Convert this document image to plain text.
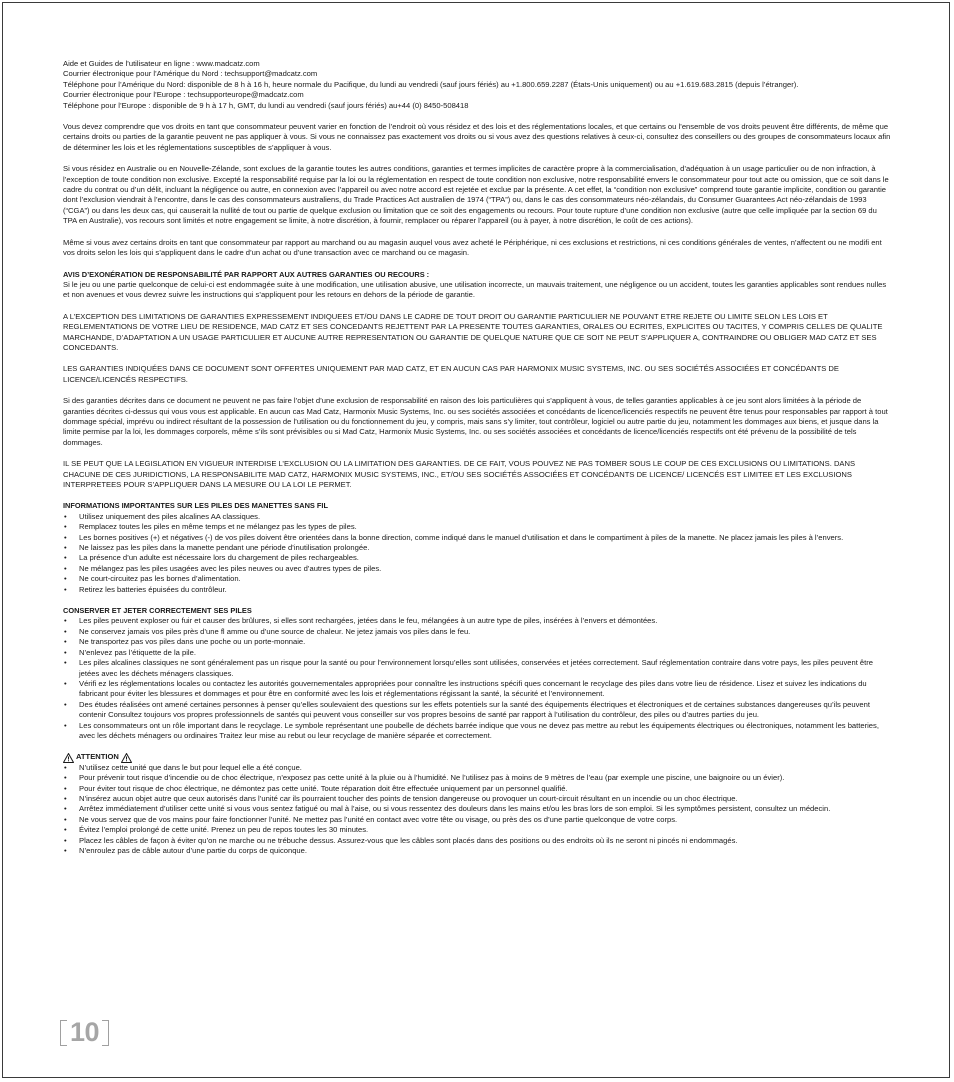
Aide et Guides de l’utilisateur en ligne : www.madcatz.com
Courrier électronique pour l’Amérique du Nord : techsupport@madcatz.com
Téléphone pour l’Amérique du Nord: disponible de 8 h à 16 h, heure normale du Pacifique, du lundi au vendredi (sauf jours fériés) au +1.800.659.2287 (États-Unis uniquement) ou au +1.619.683.2815 (depuis l’étranger).
Courrier électronique pour l’Europe : techsupportеurope@madcatz.com
Téléphone pour l’Europe : disponible de 9 h à 17 h, GMT, du lundi au vendredi (sauf jours fériés) au+44 (0) 8450-508418

Vous devez comprendre que vos droits en tant que consommateur peuvent varier en fonction de l’endroit où vous résidez et des lois et des réglementations locales, et que certains ou l’ensemble de vos droits peuvent être différents, de même que certains droits ou parties de la garantie peuvent ne pas appliquer à vous. Si vous ne connaissez pas exactement vos droits ou si vous avez des questions relatives à ceux-ci, consultez des conseillers ou des groupes de consommateurs locaux afin de déterminer les lois et les réglementations susceptibles de s’appliquer à vous.

Si vous résidez en Australie ou en Nouvelle-Zélande, sont exclues de la garantie toutes les autres conditions, garanties et termes implicites de caractère propre à la commercialisation, d’adéquation à un usage particulier ou de non infraction, à l’exception de toute condition non exclusive. Excepté la responsabilité requise par la loi ou la réglementation en respect de toute condition non exclusive, notre responsabilité envers le consommateur pour tout acte ou omission, que ce soit dans le cadre du contrat ou d’un délit, incluant la négligence ou autre, en connexion avec l’appareil ou avec notre accord est rejetée et exclue par la présente. A cet effet, la “condition non exclusive” comprend toute garantie implicite, condition ou garantie dont l’exclusion viendrait à l’encontre, dans le cas des consommateurs australiens, du Trade Practices Act australien de 1974 (“TPA”) ou, dans le cas des consommateurs néo-zélandais, du Consumer Guarantees Act néo-zélandais de 1993 (“CGA”) ou dans les deux cas, qui causerait la nullité de tout ou partie de quelque exclusion ou limitation que ce soit des engagements ou recours. Pour toute rupture d’une condition non exclusive (autre que celle impliquée par la section 69 du TPA en Australie), vos recours sont limités et notre engagement se limite, à notre discrétion, à fournir, remplacer ou réparer l’appareil (ou à payer, à notre discrétion, le coût de ces actions).

Même si vous avez certains droits en tant que consommateur par rapport au marchand ou au magasin auquel vous avez acheté le Périphérique, ni ces exclusions et restrictions, ni ces conditions générales de ventes, n’affectent ou ne modifi ent vos droits selon les lois qui s’appliquent dans le cadre d’un achat ou d’une transaction avec ce marchand ou ce magasin.

AVIS D’EXONÉRATION DE RESPONSABILITÉ PAR RAPPORT AUX AUTRES GARANTIES OU RECOURS :

Si le jeu ou une partie quelconque de celui-ci est endommagée suite à une modification, une utilisation abusive, une utilisation incorrecte, un mauvais traitement, une négligence ou un accident, toutes les garanties applicables sont rendues nulles et non avenues et vous devrez suivre les instructions qui s’appliquent pour les retours en dehors de la période de garantie.

A L’EXCEPTION DES LIMITATIONS DE GARANTIES EXPRESSEMENT INDIQUEES ET/OU DANS LE CADRE DE TOUT DROIT OU GARANTIE PARTICULIER NE POUVANT ETRE REJETE OU LIMITE SELON LES LOIS ET REGLEMENTATIONS DE VOTRE LIEU DE RESIDENCE, MAD CATZ ET SES CONCEDANTS REJETTENT PAR LA PRESENTE TOUTES GARANTIES, ORALES OU ECRITES, EXPLICITES OU TACITES, Y COMPRIS CELLES DE QUALITE MARCHANDE, D’ADAPTATION A UN USAGE PARTICULIER ET AUCUNE AUTRE REPRESENTATION OU GARANTIE DE QUELQUE NATURE QUE CE SOIT NE PEUT S’APPLIQUER A, CONTRAINDRE OU OBLIGER MAD CATZ ET SES CONCEDANTS.

LES GARANTIES INDIQUÉES DANS CE DOCUMENT SONT OFFERTES UNIQUEMENT PAR MAD CATZ, ET EN AUCUN CAS PAR HARMONIX MUSIC SYSTEMS, INC. OU SES SOCIÉTÉS ASSOCIÉES ET CONCÉDANTS DE LICENCE/LICENCÉS RESPECTIFS.

Si des garanties décrites dans ce document ne peuvent ne pas faire l’objet d’une exclusion de responsabilité en raison des lois particulières qui s’appliquent à vous, de telles garanties applicables à ce jeu sont alors limitées à la période de garanties décrites ci-dessus qui vous vous est applicable. En aucun cas Mad Catz, Harmonix Music Systems, Inc. ou ses sociétés associées et concédants de licence/licenciés respectifs ne peuvent être tenus pour responsables par rapport à tout dommage spécial, imprévu ou indirect résultant de la possession de l’utilisation ou du fonctionnement du jeu, y compris, mais sans s’y limiter, tout contrôleur, logiciel ou autre partie du jeu, notamment les dommages aux biens, et jusque dans la limite permise par la loi, les dommages corporels, même s’ils sont prévisibles ou si Mad Catz, Harmonix Music Systems, Inc. ou ses sociétés associées et concédants de licence/licenciés respectifs ont été prévenu de la possibilité de tels dommages.

IL SE PEUT QUE LA LEGISLATION EN VIGUEUR INTERDISE L’EXCLUSION OU LA LIMITATION DES GARANTIES. DE CE FAIT, VOUS POUVEZ NE PAS TOMBER SOUS LE COUP DE CES EXCLUSIONS OU LIMITATIONS. DANS CHACUNE DE CES JURIDICTIONS, LA RESPONSABILITE MAD CATZ, HARMONIX MUSIC SYSTEMS, INC., ET/OU SES SOCIÉTÉS ASSOCIÉES ET CONCÉDANTS DE LICENCE/ LICENCÉS EST LIMITEE ET LES EXCLUSIONS INTERPRETEES POUR S’APPLIQUER DANS LA MESURE OU LA LOI LE PERMET.

INFORMATIONS IMPORTANTES SUR LES PILES DES MANETTES SANS FIL

• Utilisez uniquement des piles alcalines AA classiques.
• Remplacez toutes les piles en même temps et ne mélangez pas les types de piles.
• Les bornes positives (+) et négatives (-) de vos piles doivent être orientées dans la bonne direction, comme indiqué dans le manuel d’utilisation et dans le compartiment à piles de la manette. Ne placez jamais les piles à l’envers.
• Ne laissez pas les piles dans la manette pendant une période d’inutilisation prolongée.
• La présence d’un adulte est nécessaire lors du chargement de piles rechargeables.
• Ne mélangez pas les piles usagées avec les piles neuves ou avec d’autres types de piles.
• Ne court-circuitez pas les bornes d’alimentation.
• Retirez les batteries épuisées du contrôleur.

CONSERVER ET JETER CORRECTEMENT SES PILES

• Les piles peuvent exploser ou fuir et causer des brûlures, si elles sont rechargées, jetées dans le feu, mélangées à un autre type de piles, insérées à l’envers et démontées.
• Ne conservez jamais vos piles près d’une fl amme ou d’une source de chaleur. Ne jetez jamais vos piles dans le feu.
• Ne transportez pas vos piles dans une poche ou un porte-monnaie.
• N’enlevez pas l’étiquette de la pile.
• Les piles alcalines classiques ne sont généralement pas un risque pour la santé ou pour l’environnement lorsqu’elles sont utilisées, conservées et jetées correctement. Sauf réglementation contraire dans votre pays, les piles peuvent être jetées avec les déchets ménagers classiques.
• Vérifi ez les réglementations locales ou contactez les autorités gouvernementales appropriées pour connaître les instructions spécifi ques concernant le recyclage des piles dans votre lieu de résidence. Lisez et suivez les indications du fabricant pour éviter les blessures et dommages et pour être en conformité avec les lois et réglementations régissant la santé, la sécurité et l’environnement.
• Des études réalisées ont amené certaines personnes à penser qu’elles soulevaient des questions sur les effets potentiels sur la santé des équipements électriques et électroniques et de certaines substances dangereuses qu’ils peuvent contenir Consultez toujours vos propres professionnels de santés qui peuvent vous conseiller sur vos propres besoins de santé par rapport à l’utilisation du contrôleur, des piles ou d’autres parties du jeu.
• Les consommateurs ont un rôle important dans le recyclage. Le symbole représentant une poubelle de déchets barrée indique que vous ne devez pas mettre au rebut les équipements électriques ou électroniques, notamment les batteries, avec les déchets ménagers ou ordinaires Traitez leur mise au rebut ou leur recyclage de manière séparée et correctement.

ATTENTION

• N’utilisez cette unité que dans le but pour lequel elle a été conçue.
• Pour prévenir tout risque d’incendie ou de choc électrique, n’exposez pas cette unité à la pluie ou à l’humidité. Ne l’utilisez pas à moins de 9 mètres de l’eau (par exemple une piscine, une baignoire ou un évier).
• Pour éviter tout risque de choc électrique, ne démontez pas cette unité. Toute réparation doit être effectuée uniquement par un personnel qualifié.
• N’insérez aucun objet autre que ceux autorisés dans l’unité car ils pourraient toucher des points de tension dangereuse ou provoquer un court-circuit résultant en un incendie ou un choc électrique.
• Arrêtez immédiatement d’utiliser cette unité si vous vous sentez fatigué ou mal à l’aise, ou si vous ressentez des douleurs dans les mains et/ou les bras lors de son emploi. Si les symptômes persistent, consultez un médecin.
• Ne vous servez que de vos mains pour faire fonctionner l’unité. Ne mettez pas l’unité en contact avec votre tête ou visage, ou près des os d’une partie quelconque de votre corps.
• Évitez l’emploi prolongé de cette unité. Prenez un peu de repos toutes les 30 minutes.
• Placez les câbles de façon à éviter qu’on ne marche ou ne trébuche dessus. Assurez-vous que les câbles sont placés dans des positions ou des endroits où ils ne seront ni pincés ni endommagés.
• N’enroulez pas de câble autour d’une partie du corps de quiconque.
10
